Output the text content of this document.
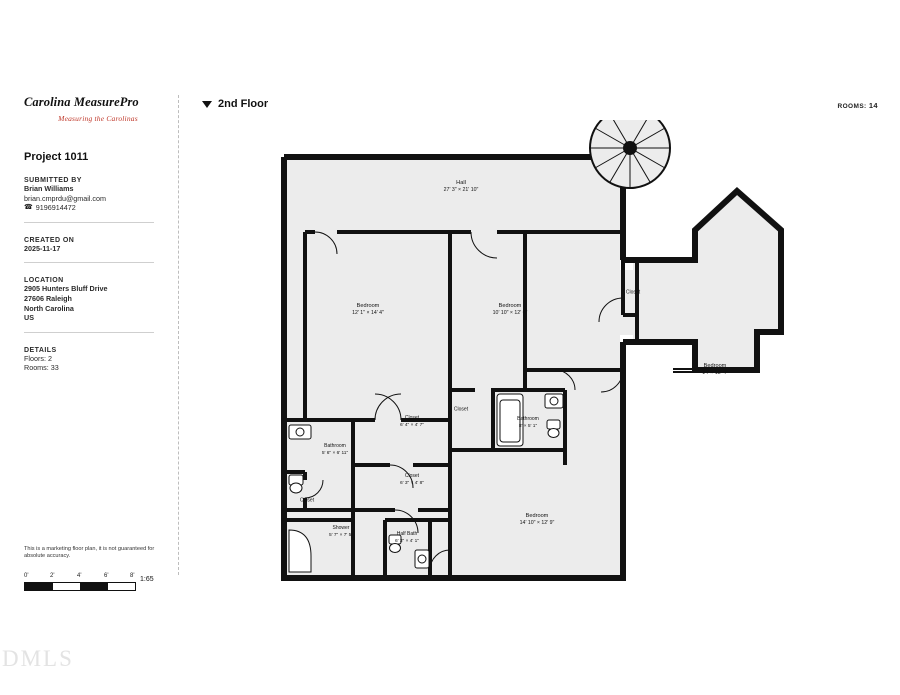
Carolina MeasurePro
Measuring the Carolinas
Project 1011
SUBMITTED BY
Brian Williams
brian.cmprdu@gmail.com
☎ 9196914472
CREATED ON
2025-11-17
LOCATION
2905 Hunters Bluff Drive
27606 Raleigh
North Carolina
US
DETAILS
Floors: 2
Rooms: 33
This is a marketing floor plan, it is not guaranteed for absolute accuracy.
0'	2'	4'	6'	8' 1:65
2nd Floor	ROOMS: 14
DMLS
Hall
27' 3" × 21' 10"
Bedroom
12' 1" × 14' 4"
Bedroom
10' 10" × 12' 6"
Closet
Bedroom
14' × 18' 4"
Closet
6' 4" × 4' 7"
Closet
Bathroom
8' × 5' 1"
Bathroom
5' 6" × 6' 11"
Closet
6' 3" × 4' 8"
Closet
Shower
5' 7" × 7' 5"	Half Bath
6' 3" × 4' 1"
Bedroom
14' 10" × 12' 9"
